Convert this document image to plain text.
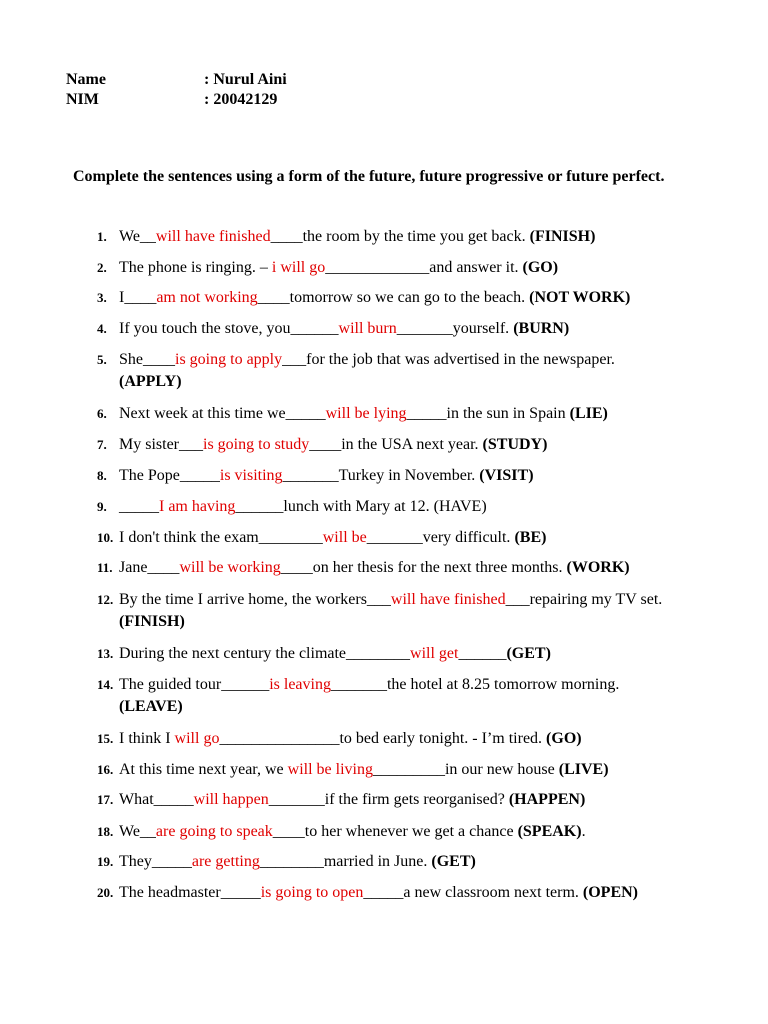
Name	: Nurul Aini
NIM	: 20042129
Complete the sentences using a form of the future, future progressive or future perfect.
1. We__will have finished____the room by the time you get back. (FINISH)
2. The phone is ringing. – i will go_____________and answer it. (GO)
3. I____am not working____tomorrow so we can go to the beach. (NOT WORK)
4. If you touch the stove, you______will burn_______yourself. (BURN)
5. She____is going to apply___for the job that was advertised in the newspaper.
(APPLY)
6. Next week at this time we_____will be lying_____in the sun in Spain (LIE)
7. My sister___is going to study____in the USA next year. (STUDY)
8. The Pope_____is visiting_______Turkey in November. (VISIT)
9. _____I am having______lunch with Mary at 12. (HAVE)
10. I don't think the exam________will be_______very difficult. (BE)
11. Jane____will be working____on her thesis for the next three months. (WORK)
12. By the time I arrive home, the workers___will have finished___repairing my TV set.
(FINISH)
13. During the next century the climate________will get______(GET)
14. The guided tour______is leaving_______the hotel at 8.25 tomorrow morning.
(LEAVE)
15. I think I will go_______________to bed early tonight. - I’m tired. (GO)
16. At this time next year, we will be living_________in our new house (LIVE)
17. What_____will happen_______if the firm gets reorganised? (HAPPEN)
18. We__are going to speak____to her whenever we get a chance (SPEAK).
19. They_____are getting________married in June. (GET)
20. The headmaster_____is going to open_____a new classroom next term. (OPEN)
